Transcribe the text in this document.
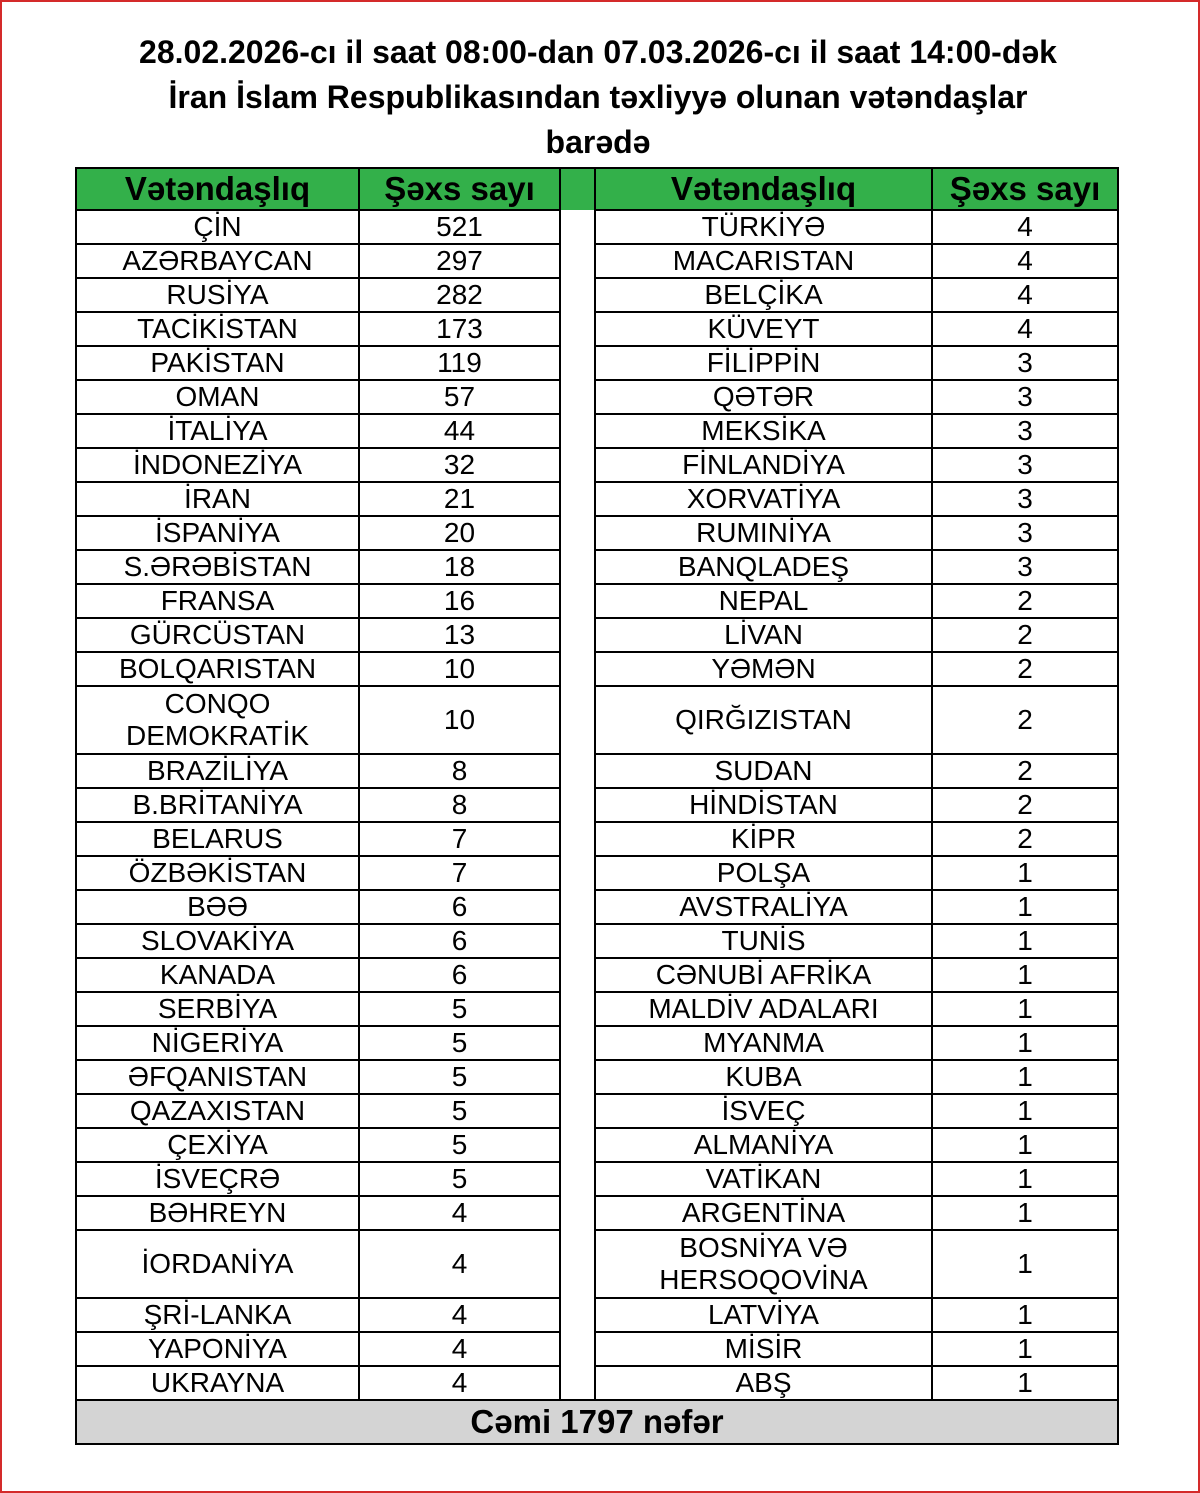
28.02.2026-cı il saat 08:00-dan 07.03.2026-cı il saat 14:00-dək
İran İslam Respublikasından təxliyyə olunan vətəndaşlar
barədə
Vətəndaşlıq	Şəxs sayı		Vətəndaşlıq	Şəxs sayı
ÇİN	521		TÜRKİYƏ	4
AZƏRBAYCAN	297		MACARISTAN	4
RUSİYA	282		BELÇİKA	4
TACİKİSTAN	173		KÜVEYT	4
PAKİSTAN	119		FİLİPPİN	3
OMAN	57		QƏTƏR	3
İTALİYA	44		MEKSİKA	3
İNDONEZİYA	32		FİNLANDİYA	3
İRAN	21		XORVATİYA	3
İSPANİYA	20		RUMINİYA	3
S.ƏRƏBİSTAN	18		BANQLADEŞ	3
FRANSA	16		NEPAL	2
GÜRCÜSTAN	13		LİVAN	2
BOLQARISTAN	10		YƏMƏN	2
CONQO DEMOKRATİK	10		QIRĞIZISTAN	2
BRAZİLİYA	8		SUDAN	2
B.BRİTANİYA	8		HİNDİSTAN	2
BELARUS	7		KİPR	2
ÖZBƏKİSTAN	7		POLŞA	1
BƏƏ	6		AVSTRALİYA	1
SLOVAKİYA	6		TUNİS	1
KANADA	6		CƏNUBİ AFRİKA	1
SERBİYA	5		MALDİV ADALARI	1
NİGERİYA	5		MYANMA	1
ƏFQANISTAN	5		KUBA	1
QAZAXISTAN	5		İSVEÇ	1
ÇEXİYA	5		ALMANİYA	1
İSVEÇRƏ	5		VATİKAN	1
BƏHREYN	4		ARGENTİNA	1
İORDANİYA	4		BOSNİYA VƏ HERSOQOVİNA	1
ŞRİ-LANKA	4		LATVİYA	1
YAPONİYA	4		MİSİR	1
UKRAYNA	4		ABŞ	1
Cəmi 1797 nəfər				
